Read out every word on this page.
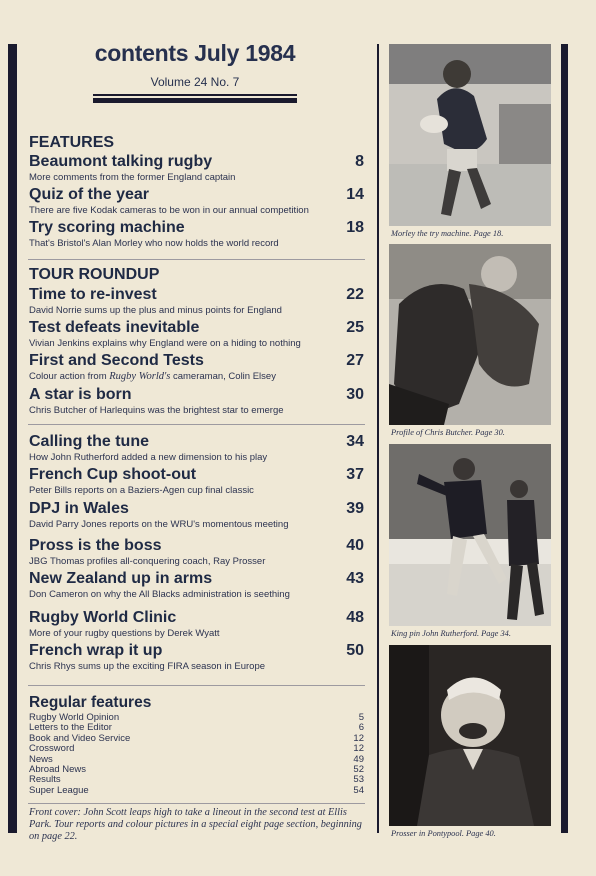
contents July 1984
Volume 24 No. 7
FEATURES
Beaumont talking rugby	8
More comments from the former England captain
Quiz of the year	14
There are five Kodak cameras to be won in our annual competition
Try scoring machine	18
That's Bristol's Alan Morley who now holds the world record
TOUR ROUNDUP
Time to re-invest	22
David Norrie sums up the plus and minus points for England
Test defeats inevitable	25
Vivian Jenkins explains why England were on a hiding to nothing
First and Second Tests	27
Colour action from Rugby World's cameraman, Colin Elsey
A star is born	30
Chris Butcher of Harlequins was the brightest star to emerge
Calling the tune	34
How John Rutherford added a new dimension to his play
French Cup shoot-out	37
Peter Bills reports on a Baziers-Agen cup final classic
DPJ in Wales	39
David Parry Jones reports on the WRU's momentous meeting
Pross is the boss	40
JBG Thomas profiles all-conquering coach, Ray Prosser
New Zealand up in arms	43
Don Cameron on why the All Blacks administration is seething
Rugby World Clinic	48
More of your rugby questions by Derek Wyatt
French wrap it up	50
Chris Rhys sums up the exciting FIRA season in Europe
Regular features
Rugby World Opinion	5
Letters to the Editor	6
Book and Video Service	12
Crossword	12
News	49
Abroad News	52
Results	53
Super League	54
Front cover: John Scott leaps high to take a lineout in the second test at Ellis Park. Tour reports and colour pictures in a special eight page section, beginning on page 22.
Morley the try machine. Page 18.
Profile of Chris Butcher. Page 30.
King pin John Rutherford. Page 34.
Prosser in Pontypool. Page 40.
